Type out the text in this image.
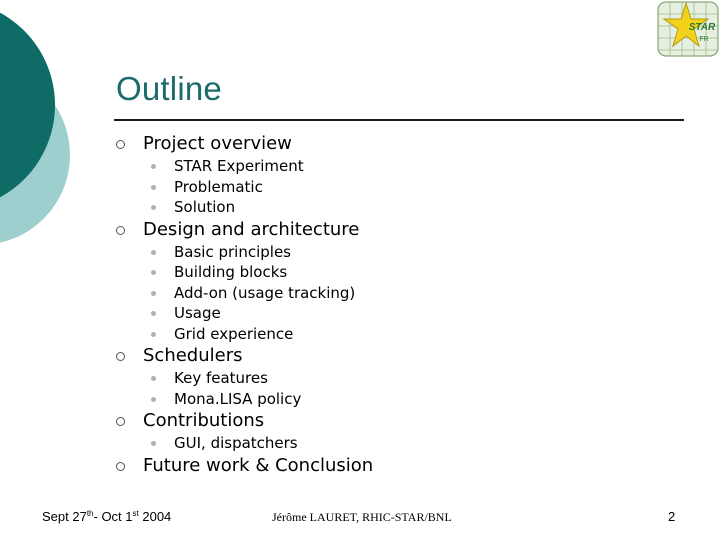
STAR
FR
Outline
Project overview
STAR Experiment
Problematic
Solution
Design and architecture
Basic principles
Building blocks
Add-on (usage tracking)
Usage
Grid experience
Schedulers
Key features
Mona.LISA policy
Contributions
GUI, dispatchers
Future work & Conclusion
Sept 27th- Oct 1st 2004	Jérôme LAURET, RHIC-STAR/BNL	2
